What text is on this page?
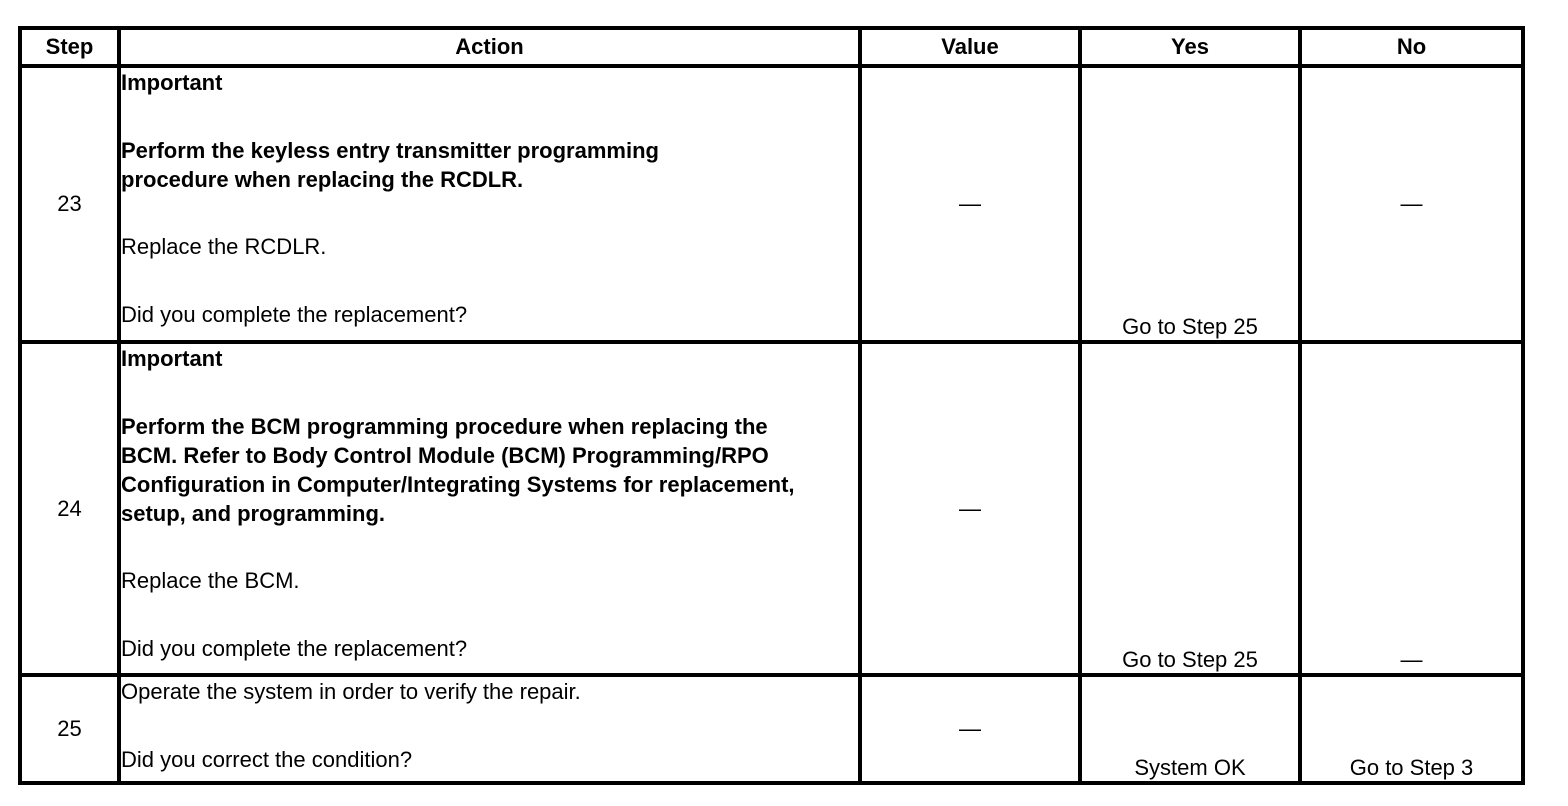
Step	Action	Value	Yes	No
23	Important
Perform the keyless entry transmitter programming procedure when replacing the RCDLR.
Replace the RCDLR.
Did you complete the replacement?	—	Go to Step 25	—
24	Important
Perform the BCM programming procedure when replacing the BCM. Refer to Body Control Module (BCM) Programming/RPO Configuration in Computer/Integrating Systems for replacement, setup, and programming.
Replace the BCM.
Did you complete the replacement?	—	Go to Step 25	—
25	Operate the system in order to verify the repair.
Did you correct the condition?	—	System OK	Go to Step 3
